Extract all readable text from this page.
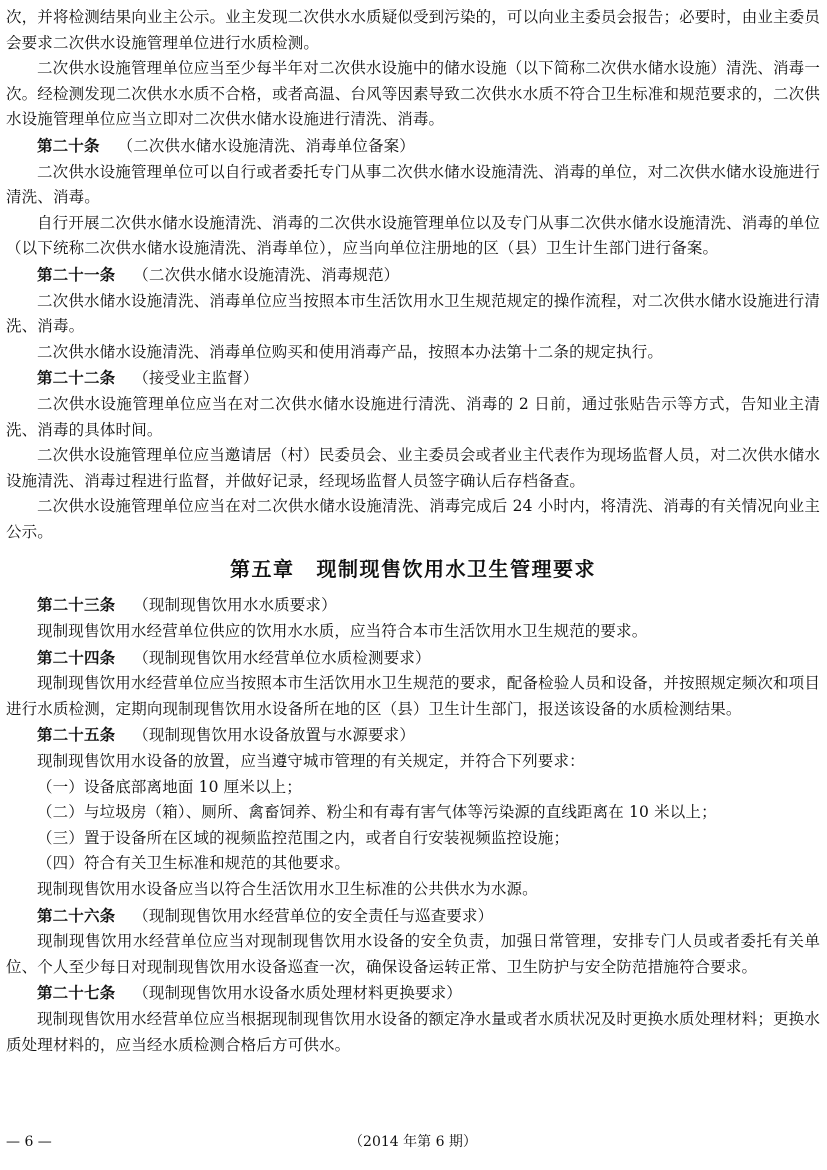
次，并将检测结果向业主公示。业主发现二次供水水质疑似受到污染的，可以向业主委员会报告；必要时，由业主委员会要求二次供水设施管理单位进行水质检测。

二次供水设施管理单位应当至少每半年对二次供水设施中的储水设施（以下简称二次供水储水设施）清洗、消毒一次。经检测发现二次供水水质不合格，或者高温、台风等因素导致二次供水水质不符合卫生标准和规范要求的，二次供水设施管理单位应当立即对二次供水储水设施进行清洗、消毒。

第二十条 （二次供水储水设施清洗、消毒单位备案）

二次供水设施管理单位可以自行或者委托专门从事二次供水储水设施清洗、消毒的单位，对二次供水储水设施进行清洗、消毒。

自行开展二次供水储水设施清洗、消毒的二次供水设施管理单位以及专门从事二次供水储水设施清洗、消毒的单位（以下统称二次供水储水设施清洗、消毒单位），应当向单位注册地的区（县）卫生计生部门进行备案。

第二十一条 （二次供水储水设施清洗、消毒规范）

二次供水储水设施清洗、消毒单位应当按照本市生活饮用水卫生规范规定的操作流程，对二次供水储水设施进行清洗、消毒。

二次供水储水设施清洗、消毒单位购买和使用消毒产品，按照本办法第十二条的规定执行。

第二十二条 （接受业主监督）

二次供水设施管理单位应当在对二次供水储水设施进行清洗、消毒的 2 日前，通过张贴告示等方式，告知业主清洗、消毒的具体时间。

二次供水设施管理单位应当邀请居（村）民委员会、业主委员会或者业主代表作为现场监督人员，对二次供水储水设施清洗、消毒过程进行监督，并做好记录，经现场监督人员签字确认后存档备查。

二次供水设施管理单位应当在对二次供水储水设施清洗、消毒完成后 24 小时内，将清洗、消毒的有关情况向业主公示。

第五章 现制现售饮用水卫生管理要求

第二十三条 （现制现售饮用水水质要求）

现制现售饮用水经营单位供应的饮用水水质，应当符合本市生活饮用水卫生规范的要求。

第二十四条 （现制现售饮用水经营单位水质检测要求）

现制现售饮用水经营单位应当按照本市生活饮用水卫生规范的要求，配备检验人员和设备，并按照规定频次和项目进行水质检测，定期向现制现售饮用水设备所在地的区（县）卫生计生部门，报送该设备的水质检测结果。

第二十五条 （现制现售饮用水设备放置与水源要求）

现制现售饮用水设备的放置，应当遵守城市管理的有关规定，并符合下列要求：

（一）设备底部离地面 10 厘米以上；

（二）与垃圾房（箱）、厕所、禽畜饲养、粉尘和有毒有害气体等污染源的直线距离在 10 米以上；

（三）置于设备所在区域的视频监控范围之内，或者自行安装视频监控设施；

（四）符合有关卫生标准和规范的其他要求。

现制现售饮用水设备应当以符合生活饮用水卫生标准的公共供水为水源。

第二十六条 （现制现售饮用水经营单位的安全责任与巡查要求）

现制现售饮用水经营单位应当对现制现售饮用水设备的安全负责，加强日常管理，安排专门人员或者委托有关单位、个人至少每日对现制现售饮用水设备巡查一次，确保设备运转正常、卫生防护与安全防范措施符合要求。

第二十七条 （现制现售饮用水设备水质处理材料更换要求）

现制现售饮用水经营单位应当根据现制现售饮用水设备的额定净水量或者水质状况及时更换水质处理材料；更换水质处理材料的，应当经水质检测合格后方可供水。

— 6 —	（2014 年第 6 期）
